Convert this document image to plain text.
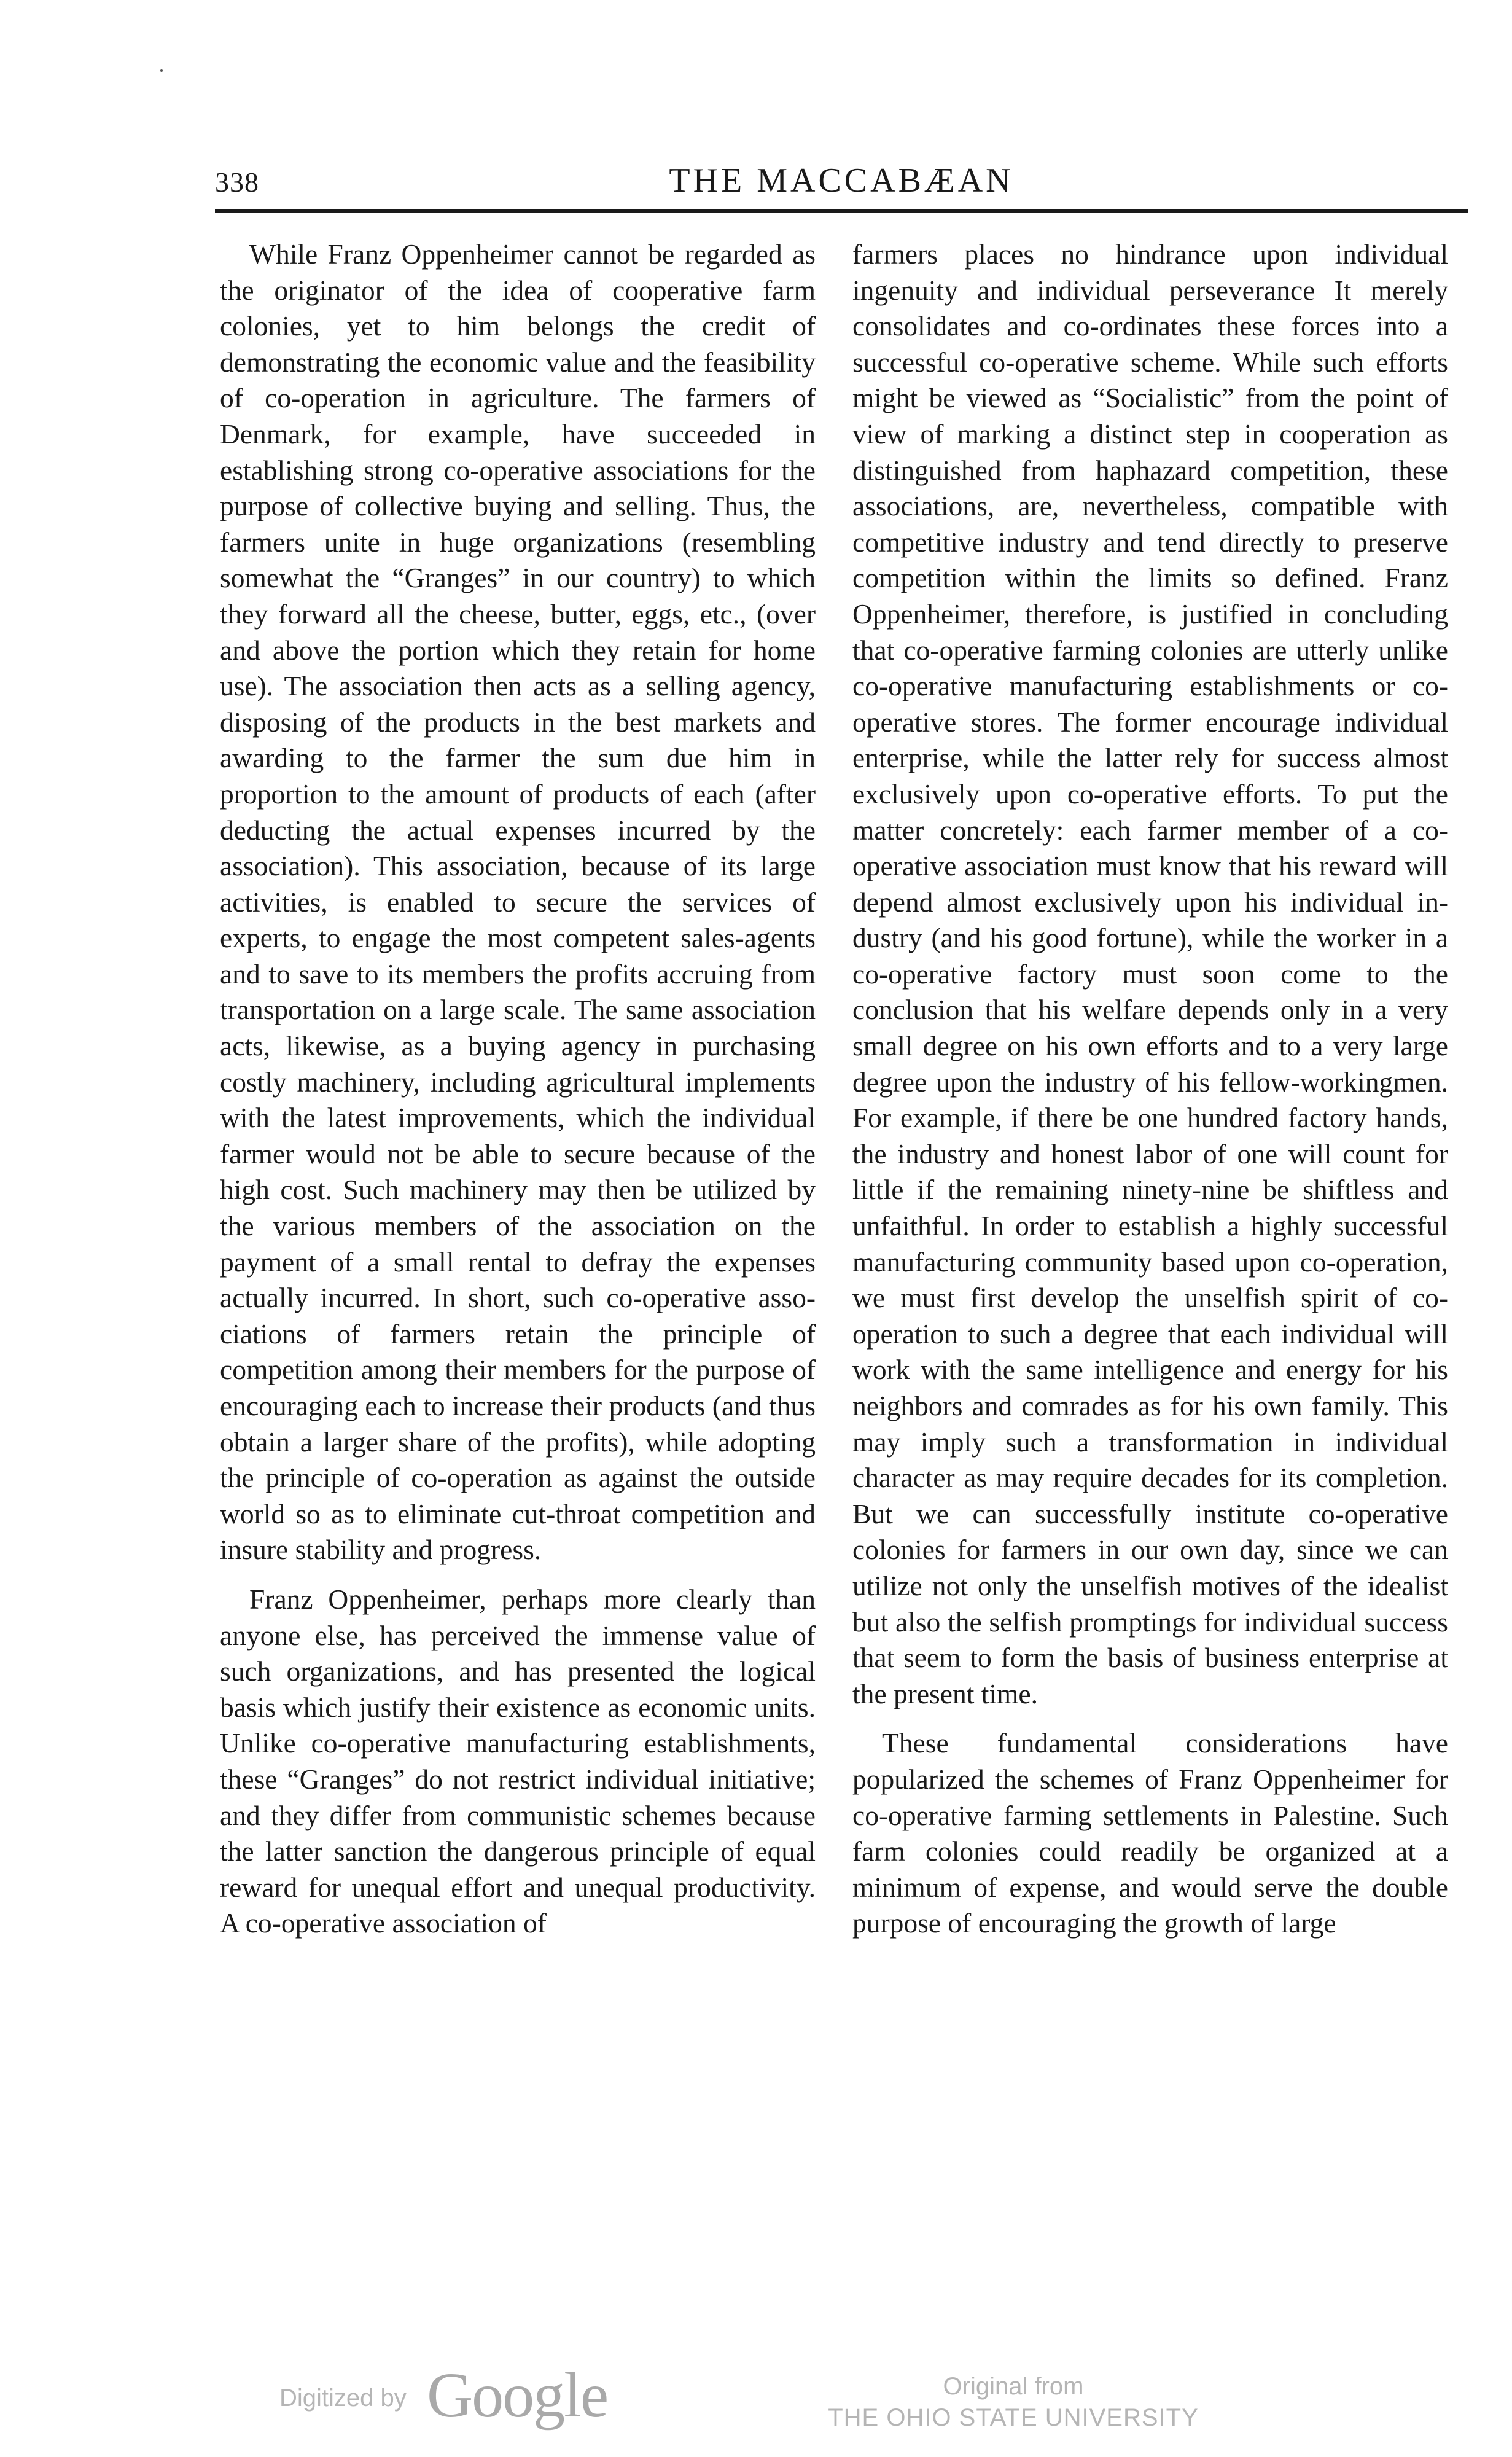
338	THE MACCABÆAN

While Franz Oppenheimer cannot be regarded as the originator of the idea of cooperative farm colonies, yet to him belongs the credit of demonstrating the economic value and the feasibility of co-operation in agriculture. The farmers of Denmark, for example, have succeeded in establishing strong co-operative associations for the purpose of collective buying and selling. Thus, the farmers unite in huge organizations (resembling somewhat the “Granges” in our country) to which they forward all the cheese, butter, eggs, etc., (over and above the portion which they retain for home use). The association then acts as a selling agency, disposing of the products in the best markets and awarding to the farmer the sum due him in proportion to the amount of products of each (after deducting the actual expenses incurred by the association). This association, because of its large activities, is enabled to secure the services of experts, to engage the most competent sales-agents and to save to its members the profits accruing from transportation on a large scale. The same association acts, likewise, as a buying agency in purchasing costly machinery, including agricultural implements with the latest improvements, which the individual farmer would not be able to secure because of the high cost. Such machinery may then be utilized by the various members of the association on the payment of a small rental to defray the expenses actually incurred. In short, such co-operative associations of farmers retain the principle of competition among their members for the purpose of encouraging each to increase their products (and thus obtain a larger share of the profits), while adopting the principle of co-operation as against the outside world so as to eliminate cut-throat competition and insure stability and progress.

Franz Oppenheimer, perhaps more clearly than anyone else, has perceived the immense value of such organizations, and has presented the logical basis which justify their existence as economic units. Unlike co-operative manufacturing establishments, these “Granges” do not restrict individual initiative; and they differ from communistic schemes because the latter sanction the dangerous principle of equal reward for unequal effort and unequal productivity. A co-operative association of

farmers places no hindrance upon individual ingenuity and individual perseverance It merely consolidates and co-ordinates these forces into a successful co-operative scheme. While such efforts might be viewed as “Socialistic” from the point of view of marking a distinct step in cooperation as distinguished from haphazard competition, these associations, are, nevertheless, compatible with competitive industry and tend directly to preserve competition within the limits so defined. Franz Oppenheimer, therefore, is justified in concluding that co-operative farming colonies are utterly unlike co-operative manufacturing establishments or co-operative stores. The former encourage individual enterprise, while the latter rely for success almost exclusively upon co-operative efforts. To put the matter concretely: each farmer member of a co-operative association must know that his reward will depend almost exclusively upon his individual industry (and his good fortune), while the worker in a co-operative factory must soon come to the conclusion that his welfare depends only in a very small degree on his own efforts and to a very large degree upon the industry of his fellow-workingmen. For example, if there be one hundred factory hands, the industry and honest labor of one will count for little if the remaining ninety-nine be shiftless and unfaithful. In order to establish a highly successful manufacturing community based upon co-operation, we must first develop the unselfish spirit of co-operation to such a degree that each individual will work with the same intelligence and energy for his neighbors and comrades as for his own family. This may imply such a transformation in individual character as may require decades for its completion. But we can successfully institute co-operative colonies for farmers in our own day, since we can utilize not only the unselfish motives of the idealist but also the selfish promptings for individual success that seem to form the basis of business enterprise at the present time.

These fundamental considerations have popularized the schemes of Franz Oppenheimer for co-operative farming settlements in Palestine. Such farm colonies could readily be organized at a minimum of expense, and would serve the double purpose of encouraging the growth of large

Digitized by Google	Original from
THE OHIO STATE UNIVERSITY
